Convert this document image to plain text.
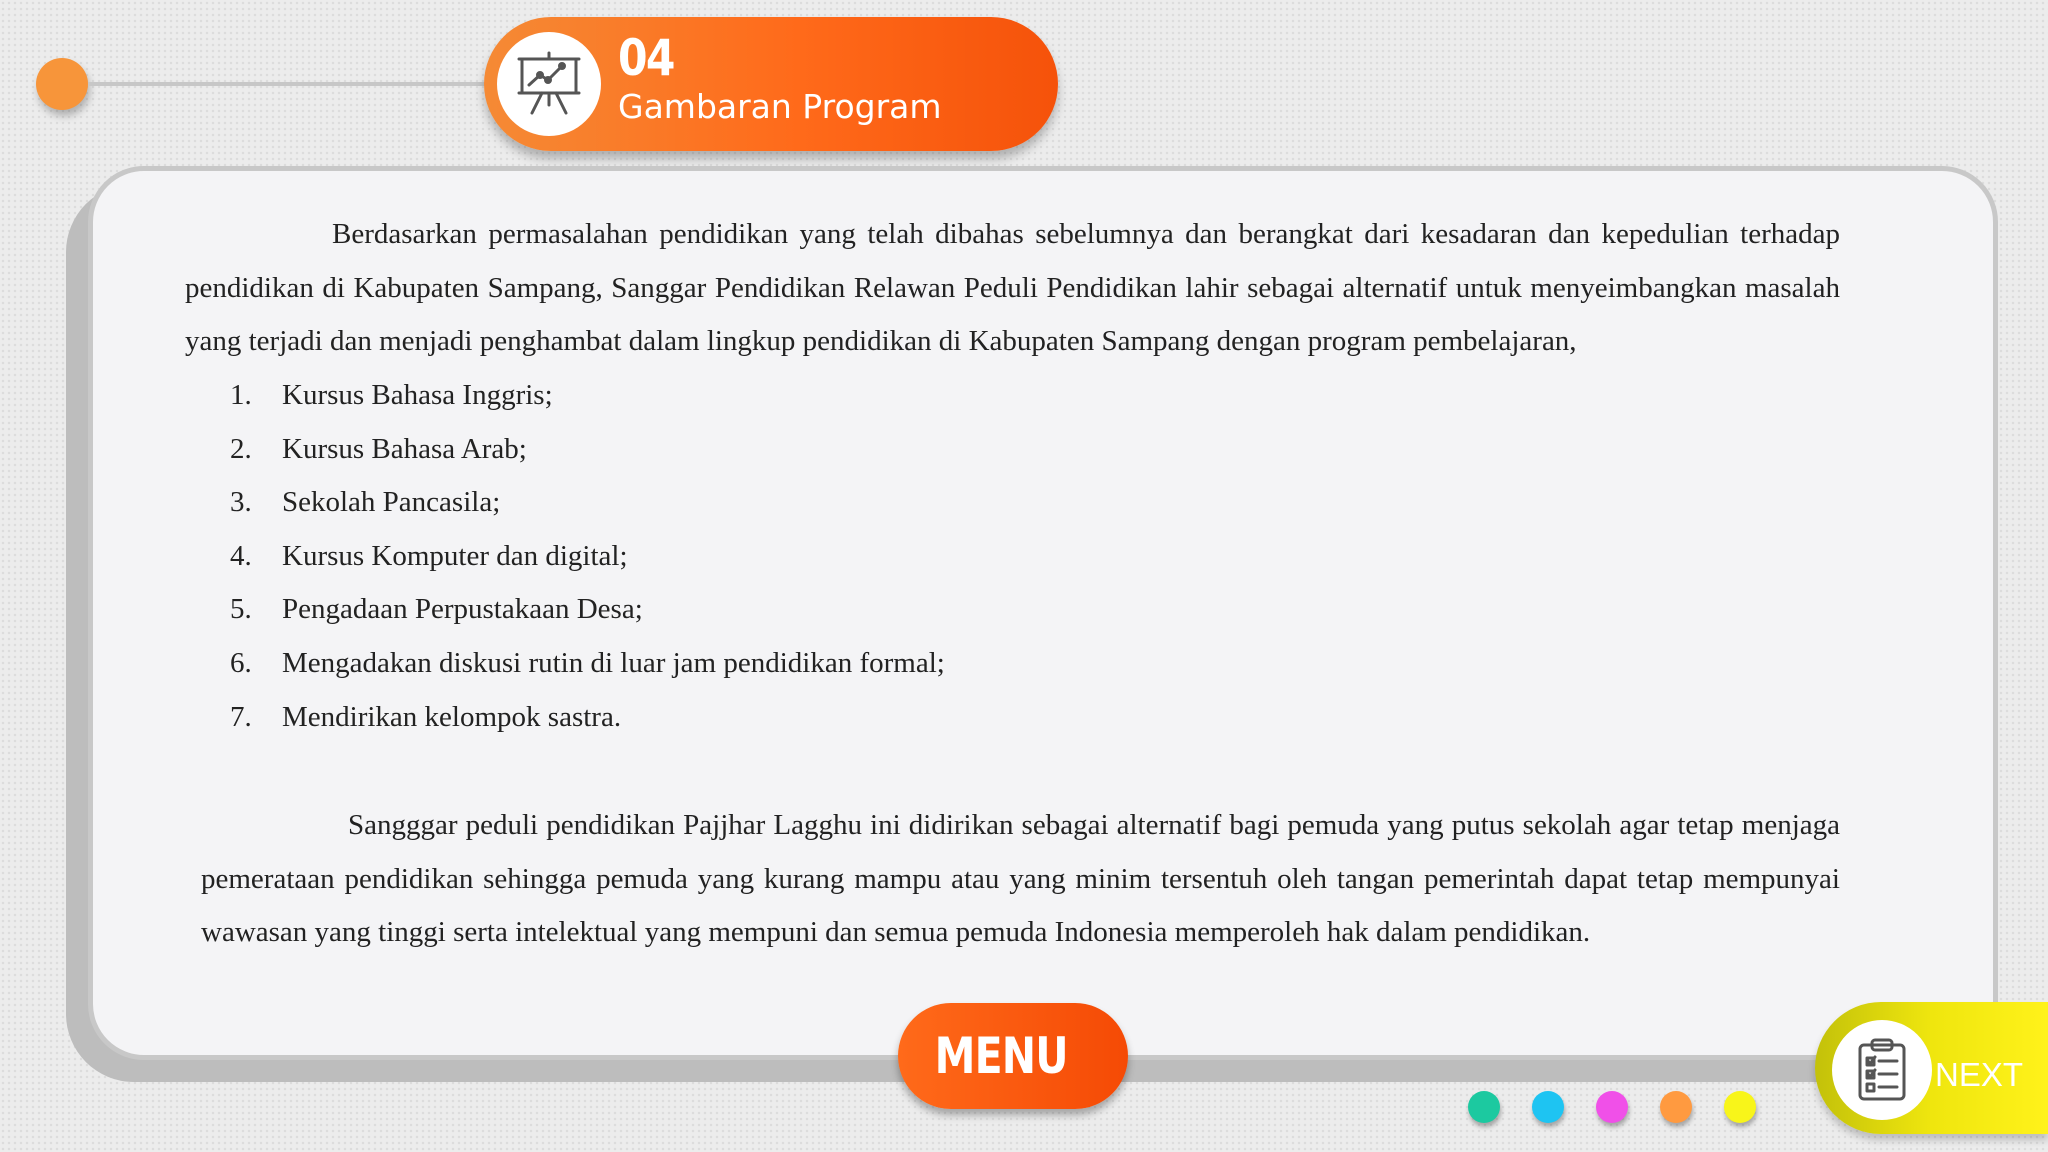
04
Gambaran Program

Berdasarkan permasalahan pendidikan yang telah dibahas sebelumnya dan berangkat dari kesadaran dan kepedulian terhadap pendidikan di Kabupaten Sampang, Sanggar Pendidikan Relawan Peduli Pendidikan lahir sebagai alternatif untuk menyeimbangkan masalah yang terjadi dan menjadi penghambat dalam lingkup pendidikan di Kabupaten Sampang dengan program pembelajaran,

1.	Kursus Bahasa Inggris;
2.	Kursus Bahasa Arab;
3.	Sekolah Pancasila;
4.	Kursus Komputer dan digital;
5.	Pengadaan Perpustakaan Desa;
6.	Mengadakan diskusi rutin di luar jam pendidikan formal;
7.	Mendirikan kelompok sastra.

Sangggar peduli pendidikan Pajjhar Lagghu ini didirikan sebagai alternatif bagi pemuda yang putus sekolah agar tetap menjaga pemerataan pendidikan sehingga pemuda yang kurang mampu atau yang minim tersentuh oleh tangan pemerintah dapat tetap mempunyai wawasan yang tinggi serta intelektual yang mempuni dan semua pemuda Indonesia memperoleh hak dalam pendidikan.

MENU	NEXT
